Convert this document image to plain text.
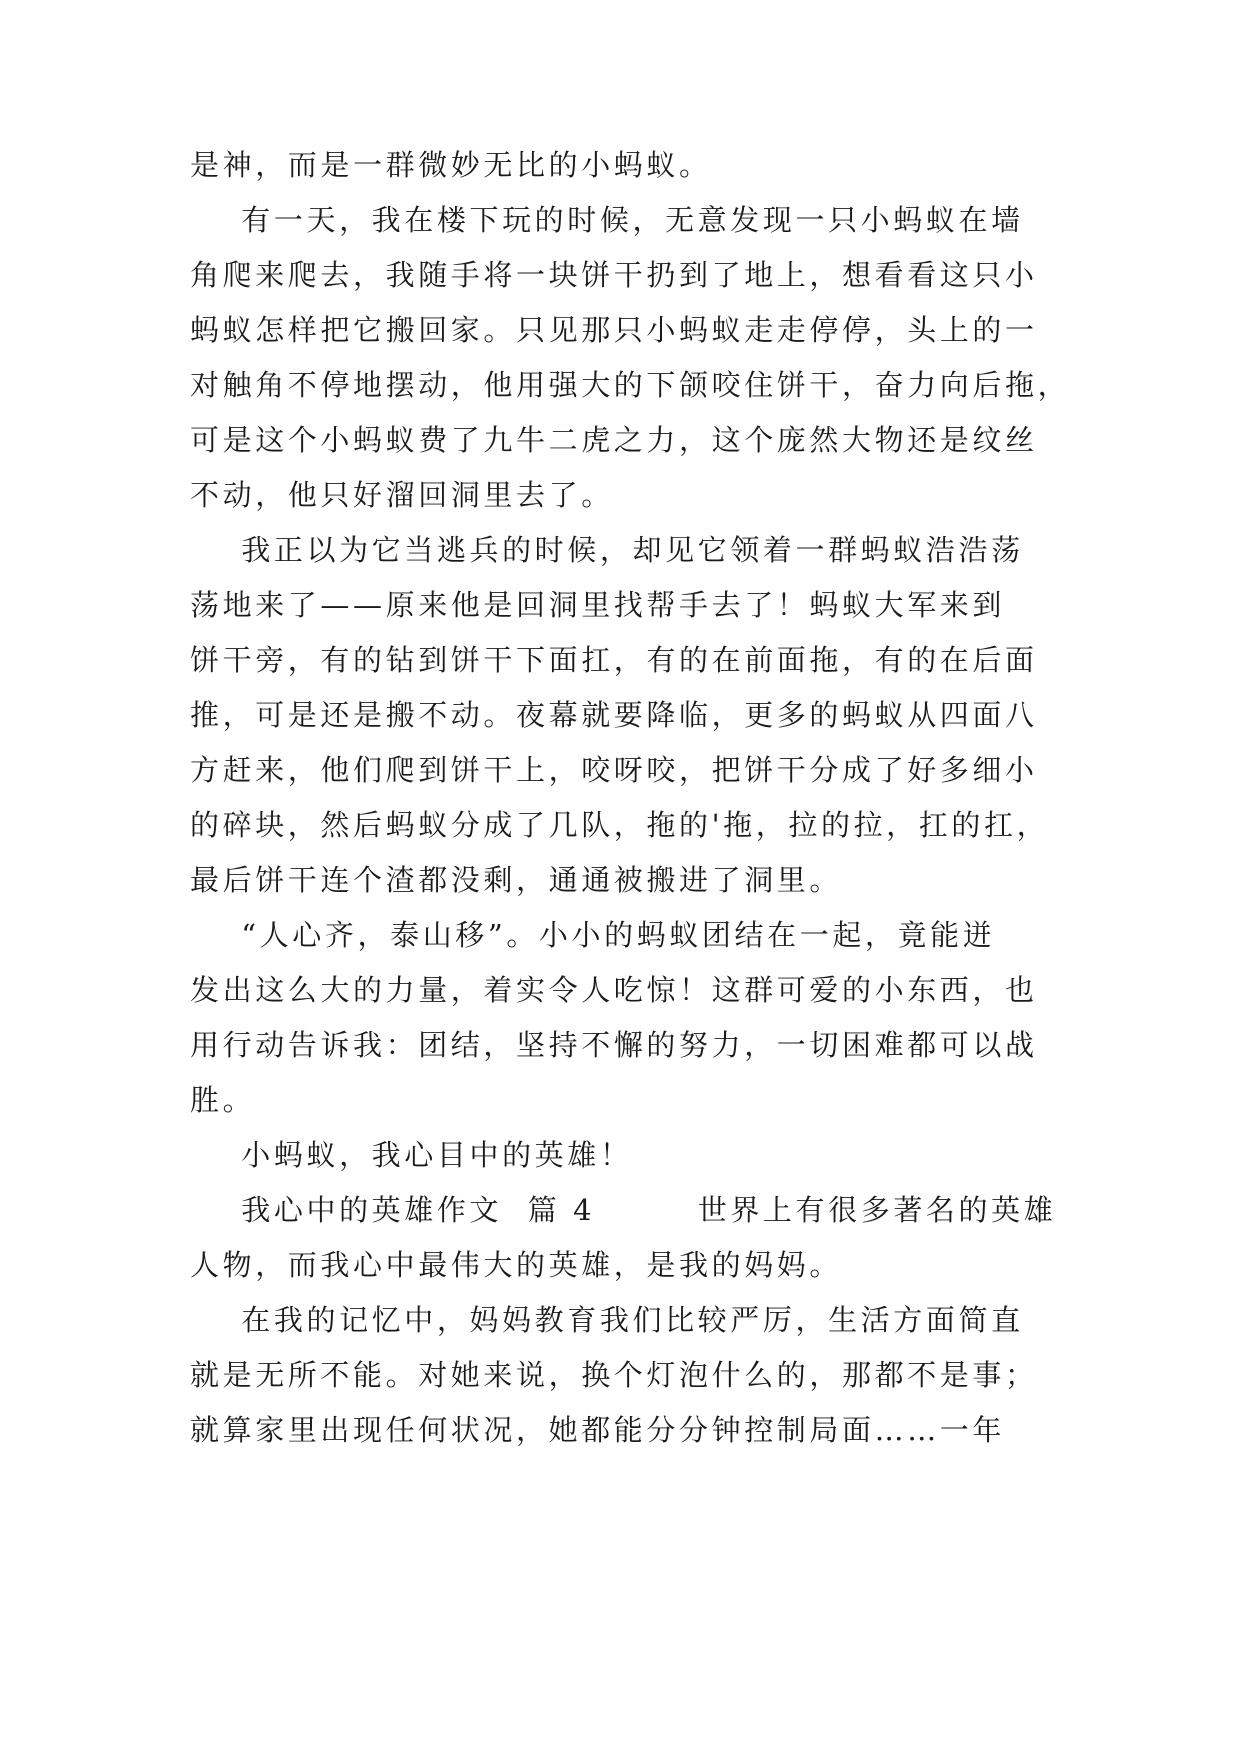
是神，而是一群微妙无比的小蚂蚁。
有一天，我在楼下玩的时候，无意发现一只小蚂蚁在墙
角爬来爬去，我随手将一块饼干扔到了地上，想看看这只小
蚂蚁怎样把它搬回家。只见那只小蚂蚁走走停停，头上的一
对触角不停地摆动，他用强大的下颌咬住饼干，奋力向后拖，
可是这个小蚂蚁费了九牛二虎之力，这个庞然大物还是纹丝
不动，他只好溜回洞里去了。
我正以为它当逃兵的时候，却见它领着一群蚂蚁浩浩荡
荡地来了——原来他是回洞里找帮手去了！蚂蚁大军来到
饼干旁，有的钻到饼干下面扛，有的在前面拖，有的在后面
推，可是还是搬不动。夜幕就要降临，更多的蚂蚁从四面八
方赶来，他们爬到饼干上，咬呀咬，把饼干分成了好多细小
的碎块，然后蚂蚁分成了几队，拖的'拖，拉的拉，扛的扛，
最后饼干连个渣都没剩，通通被搬进了洞里。
“人心齐，泰山移”。小小的蚂蚁团结在一起，竟能迸
发出这么大的力量，着实令人吃惊！这群可爱的小东西，也
用行动告诉我：团结，坚持不懈的努力，一切困难都可以战
胜。
小蚂蚁，我心目中的英雄！
我心中的英雄作文  篇 4        世界上有很多著名的英雄
人物，而我心中最伟大的英雄，是我的妈妈。
在我的记忆中，妈妈教育我们比较严厉，生活方面简直
就是无所不能。对她来说，换个灯泡什么的，那都不是事；
就算家里出现任何状况，她都能分分钟控制局面……一年
